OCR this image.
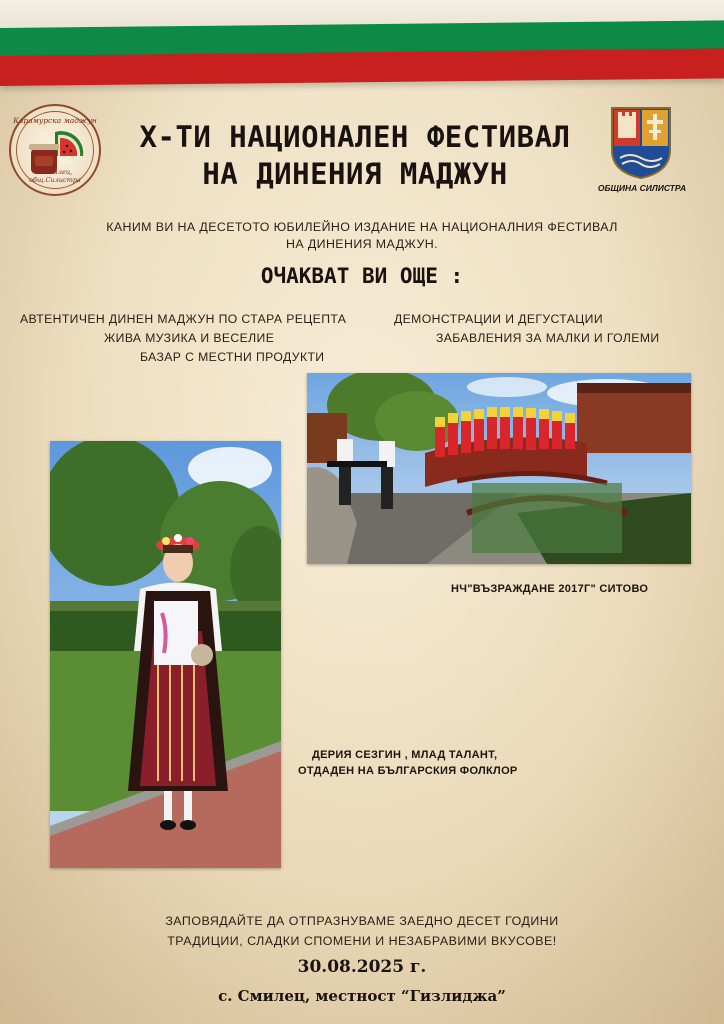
Карамурска маджун
с.Смилец, общ.Силистра
ОБЩИНА СИЛИСТРА
Х-ТИ НАЦИОНАЛЕН ФЕСТИВАЛ
НА ДИНЕНИЯ МАДЖУН
КАНИМ ВИ НА ДЕСЕТОТО ЮБИЛЕЙНО ИЗДАНИЕ НА НАЦИОНАЛНИЯ ФЕСТИВАЛ
НА ДИНЕНИЯ МАДЖУН.
ОЧАКВАТ ВИ ОЩЕ :
АВТЕНТИЧЕН ДИНЕН МАДЖУН ПО СТАРА РЕЦЕПТА
ЖИВА МУЗИКА И ВЕСЕЛИЕ
БАЗАР С МЕСТНИ ПРОДУКТИ
ДЕМОНСТРАЦИИ И ДЕГУСТАЦИИ
ЗАБАВЛЕНИЯ ЗА МАЛКИ И ГОЛЕМИ
НЧ"ВЪЗРАЖДАНЕ 2017Г" СИТОВО
ДЕРИЯ СЕЗГИН , МЛАД ТАЛАНТ,
ОТДАДЕН НА БЪЛГАРСКИЯ ФОЛКЛОР
ЗАПОВЯДАЙТЕ ДА ОТПРАЗНУВАМЕ ЗАЕДНО ДЕСЕТ ГОДИНИ
ТРАДИЦИИ, СЛАДКИ СПОМЕНИ И НЕЗАБРАВИМИ ВКУСОВЕ!
30.08.2025 г.
с. Смилец, местност “Гизлиджа”
